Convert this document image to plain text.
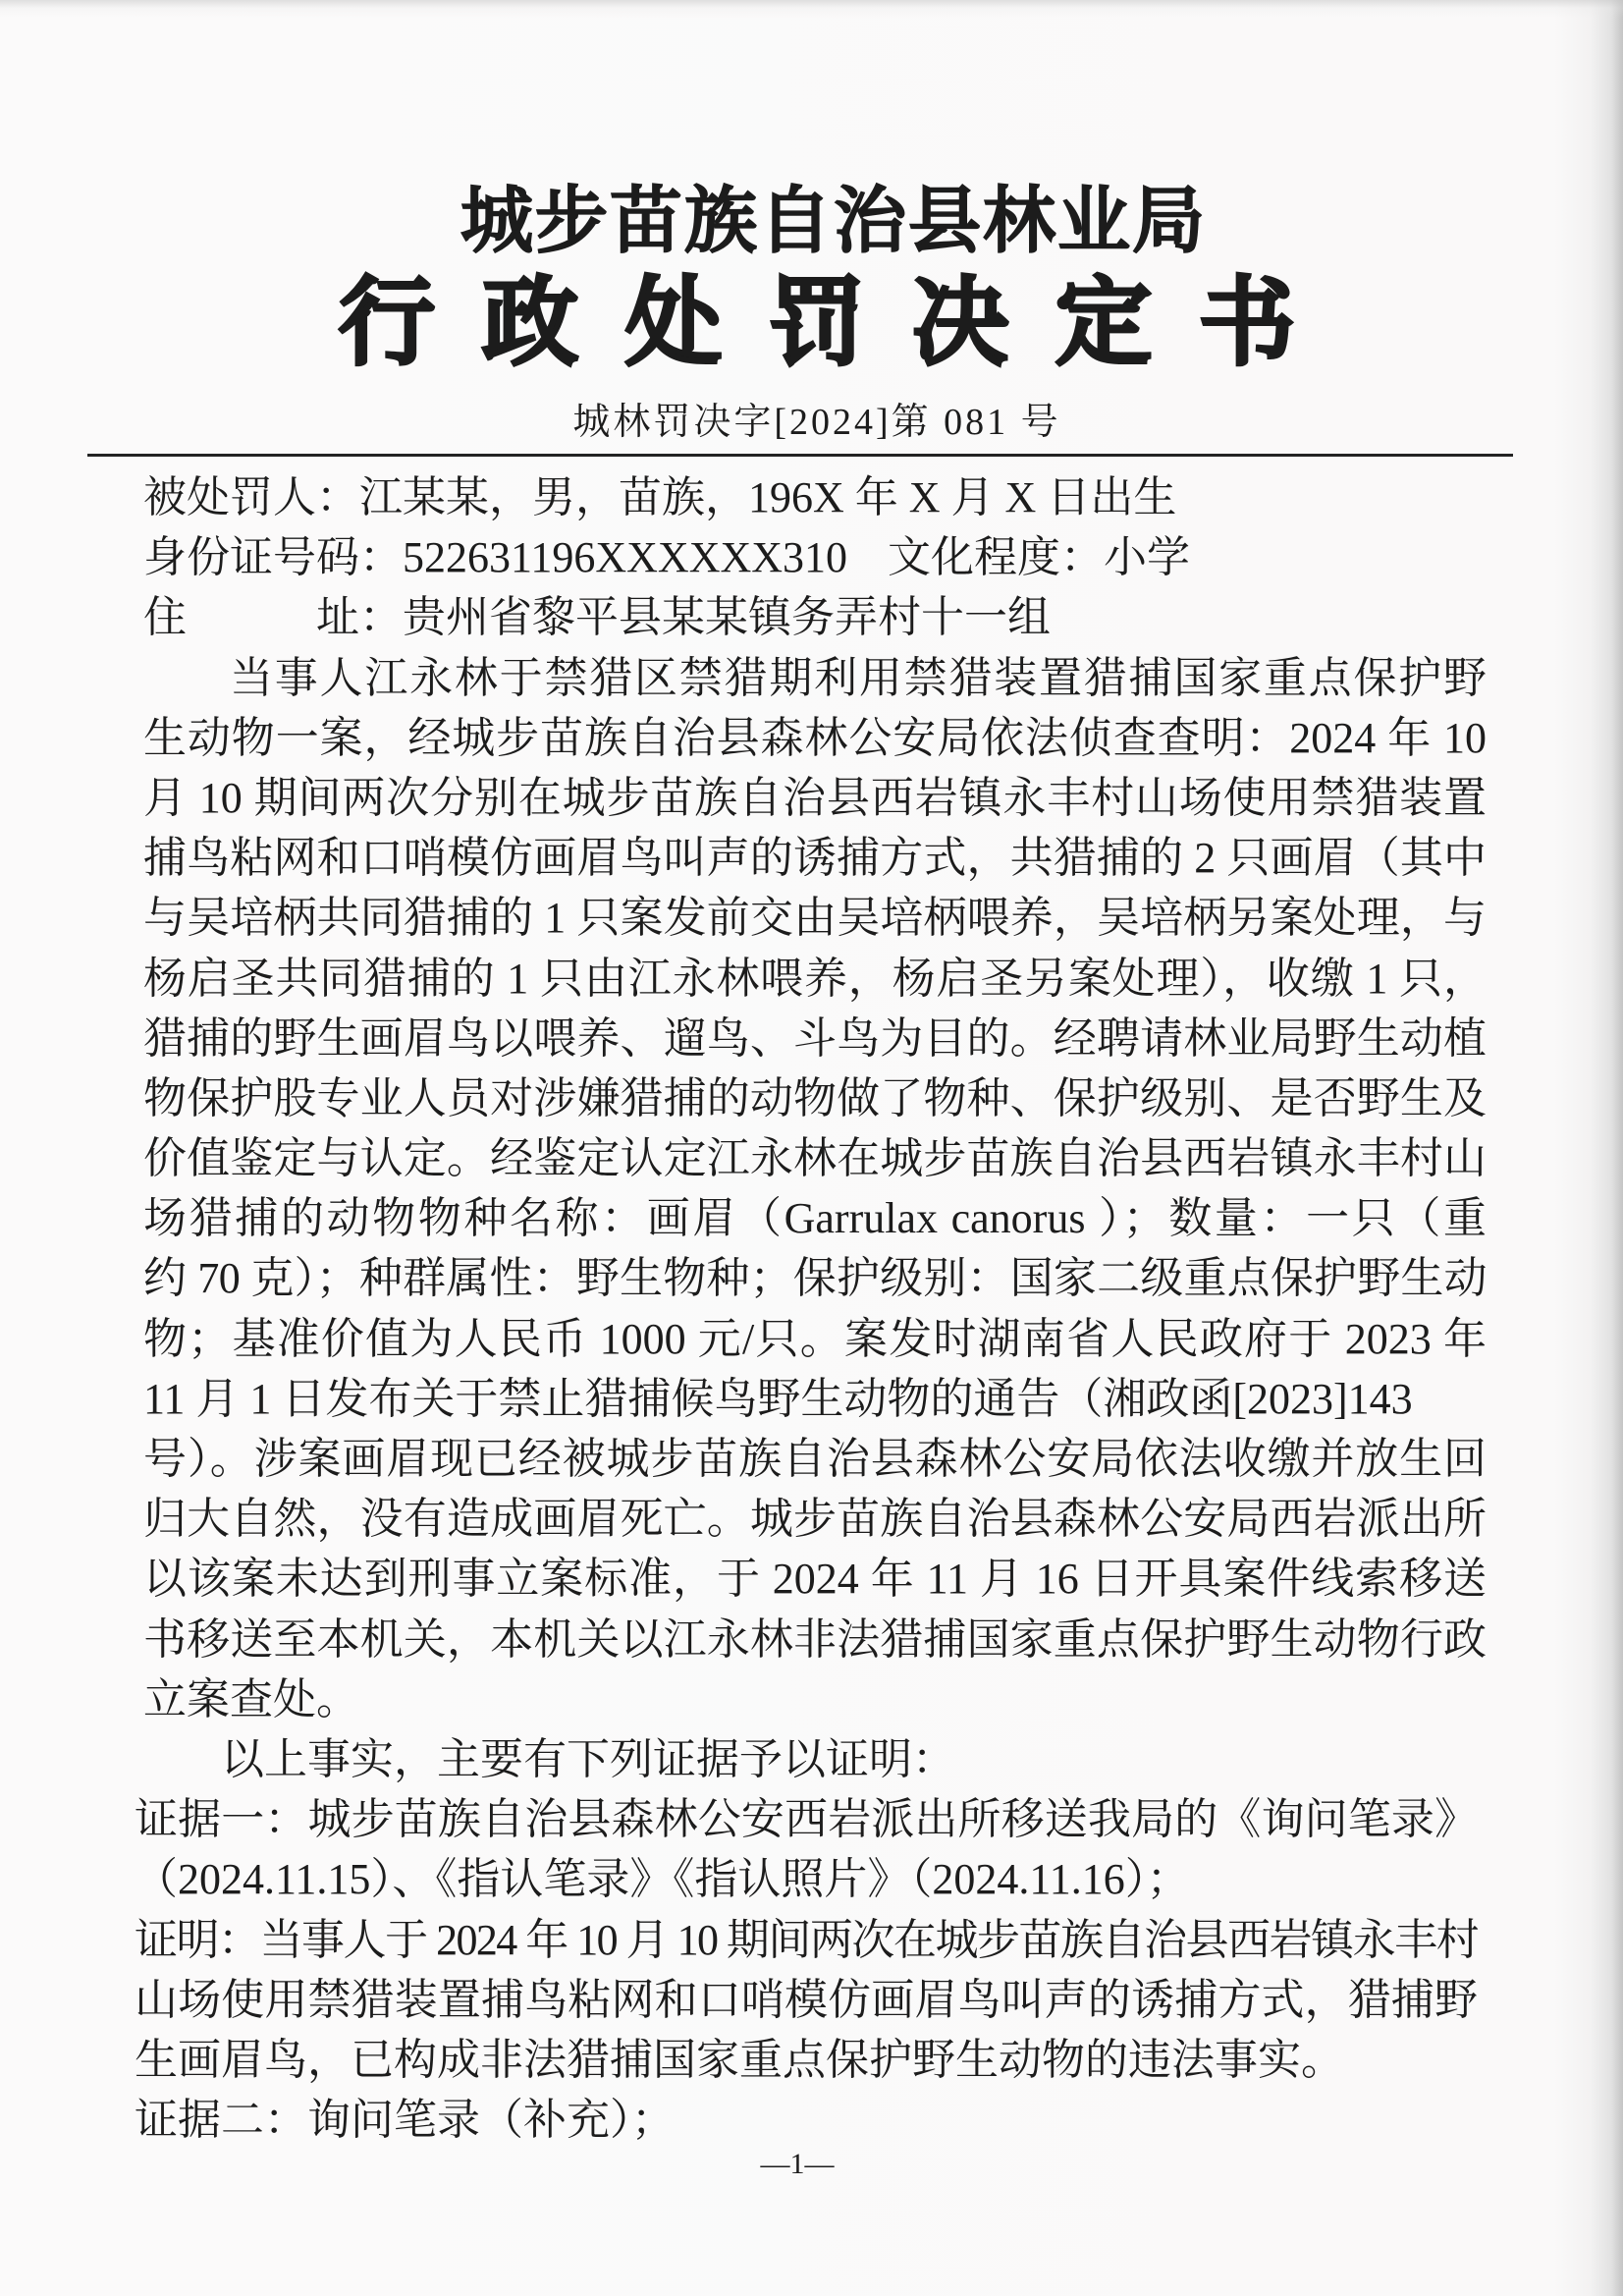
城步苗族自治县林业局
行政处罚决定书
城林罚决字[2024]第 081 号
被处罚人：江某某，男，苗族，196X 年 X 月 X 日出生
身份证号码：522631196XXXXXX310 文化程度：小学
住　　　址：贵州省黎平县某某镇务弄村十一组
当事人江永林于禁猎区禁猎期利用禁猎装置猎捕国家重点保护野
生动物一案，经城步苗族自治县森林公安局依法侦查查明：2024 年 10
月 10 期间两次分别在城步苗族自治县西岩镇永丰村山场使用禁猎装置
捕鸟粘网和口哨模仿画眉鸟叫声的诱捕方式，共猎捕的 2 只画眉（其中
与吴培柄共同猎捕的 1 只案发前交由吴培柄喂养，吴培柄另案处理，与
杨启圣共同猎捕的 1 只由江永林喂养，杨启圣另案处理），收缴 1 只，
猎捕的野生画眉鸟以喂养、遛鸟、斗鸟为目的。经聘请林业局野生动植
物保护股专业人员对涉嫌猎捕的动物做了物种、保护级别、是否野生及
价值鉴定与认定。经鉴定认定江永林在城步苗族自治县西岩镇永丰村山
场猎捕的动物物种名称：画眉（Garrulax canorus ）；数量：一只（重
约 70 克）；种群属性：野生物种；保护级别：国家二级重点保护野生动
物；基准价值为人民币 1000 元/只。案发时湖南省人民政府于 2023 年
11 月 1 日发布关于禁止猎捕候鸟野生动物的通告（湘政函[2023]143
号）。涉案画眉现已经被城步苗族自治县森林公安局依法收缴并放生回
归大自然，没有造成画眉死亡。城步苗族自治县森林公安局西岩派出所
以该案未达到刑事立案标准，于 2024 年 11 月 16 日开具案件线索移送
书移送至本机关，本机关以江永林非法猎捕国家重点保护野生动物行政
立案查处。
以上事实，主要有下列证据予以证明：
证据一：城步苗族自治县森林公安西岩派出所移送我局的《询问笔录》
（2024.11.15）、《指认笔录》《指认照片》（2024.11.16）；
证明：当事人于 2024 年 10 月 10 期间两次在城步苗族自治县西岩镇永丰村
山场使用禁猎装置捕鸟粘网和口哨模仿画眉鸟叫声的诱捕方式，猎捕野
生画眉鸟，已构成非法猎捕国家重点保护野生动物的违法事实。
证据二：询问笔录（补充）；
—1—
